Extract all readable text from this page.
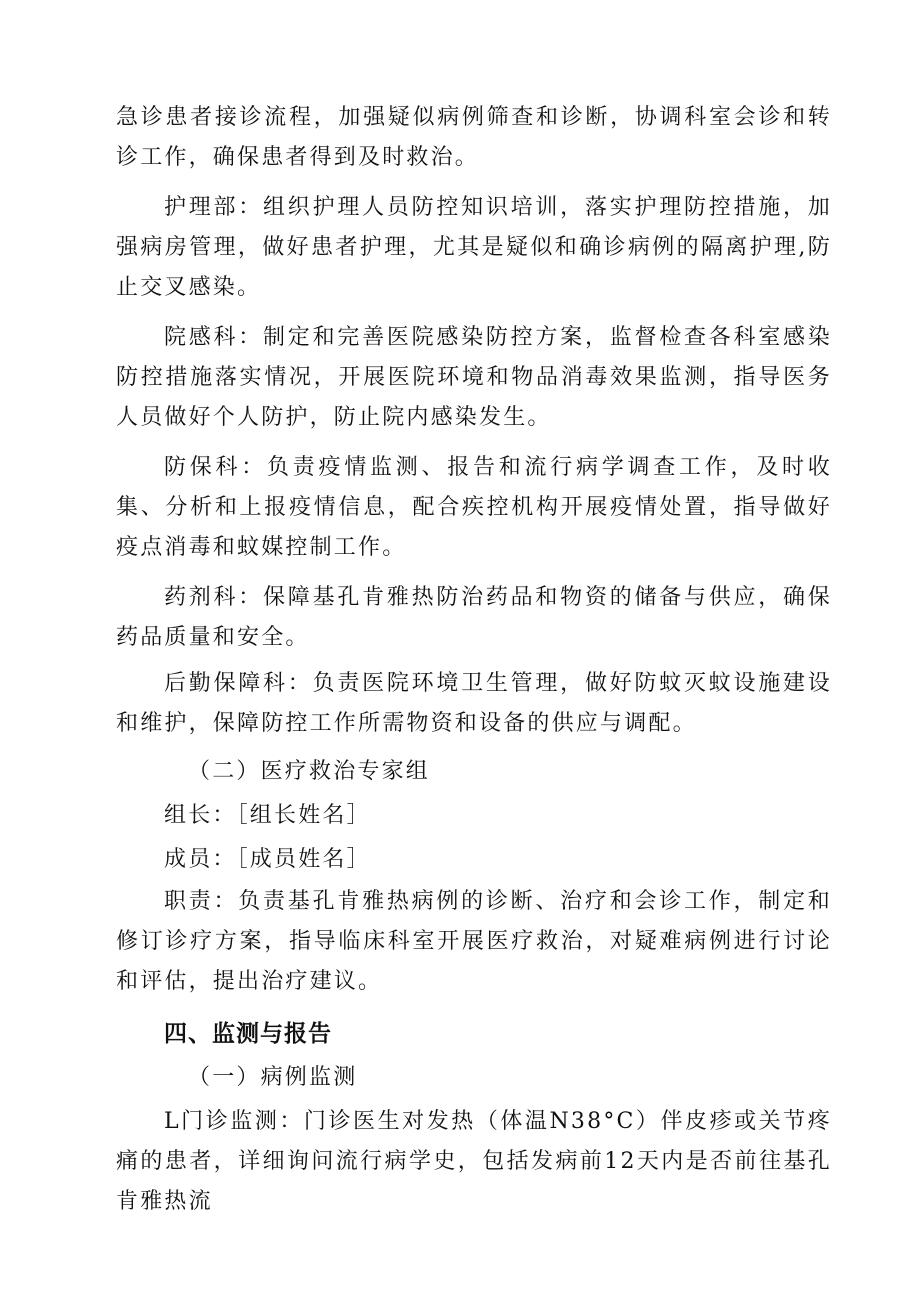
急诊患者接诊流程，加强疑似病例筛查和诊断，协调科室会诊和转诊工作，确保患者得到及时救治。

护理部：组织护理人员防控知识培训，落实护理防控措施，加强病房管理，做好患者护理，尤其是疑似和确诊病例的隔离护理,防止交叉感染。

院感科：制定和完善医院感染防控方案，监督检查各科室感染防控措施落实情况，开展医院环境和物品消毒效果监测，指导医务人员做好个人防护，防止院内感染发生。

防保科：负责疫情监测、报告和流行病学调查工作，及时收集、分析和上报疫情信息，配合疾控机构开展疫情处置，指导做好疫点消毒和蚊媒控制工作。

药剂科：保障基孔肯雅热防治药品和物资的储备与供应，确保药品质量和安全。

后勤保障科：负责医院环境卫生管理，做好防蚊灭蚊设施建设和维护，保障防控工作所需物资和设备的供应与调配。

（二）医疗救治专家组

组长：［组长姓名］

成员：［成员姓名］

职责：负责基孔肯雅热病例的诊断、治疗和会诊工作，制定和修订诊疗方案，指导临床科室开展医疗救治，对疑难病例进行讨论和评估，提出治疗建议。

四、监测与报告

（一）病例监测

L门诊监测：门诊医生对发热（体温N38°C）伴皮疹或关节疼痛的患者，详细询问流行病学史，包括发病前12天内是否前往基孔肯雅热流
